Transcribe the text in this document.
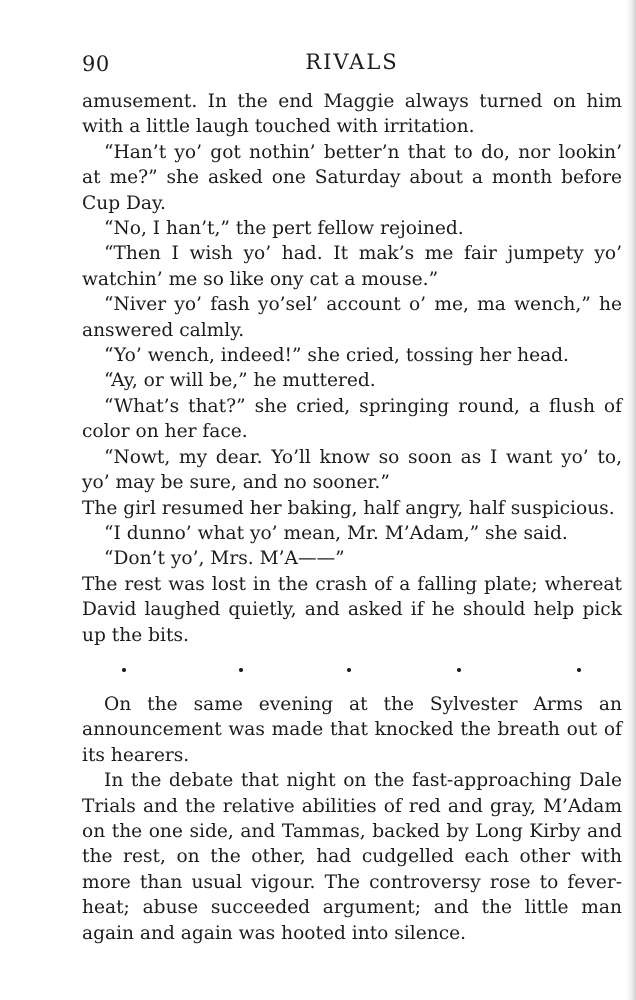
90	RIVALS

amusement. In the end Maggie always turned on him with a little laugh touched with irritation.

“Han’t yo’ got nothin’ better’n that to do, nor lookin’ at me?” she asked one Saturday about a month before Cup Day.

“No, I han’t,” the pert fellow rejoined.

“Then I wish yo’ had. It mak’s me fair jumpety yo’ watchin’ me so like ony cat a mouse.”

“Niver yo’ fash yo’sel’ account o’ me, ma wench,” he answered calmly.

“Yo’ wench, indeed!” she cried, tossing her head.

“Ay, or will be,” he muttered.

“What’s that?” she cried, springing round, a flush of color on her face.

“Nowt, my dear. Yo’ll know so soon as I want yo’ to, yo’ may be sure, and no sooner.”

The girl resumed her baking, half angry, half suspicious.

“I dunno’ what yo’ mean, Mr. M’Adam,” she said.

“Don’t yo’, Mrs. M’A——”

The rest was lost in the crash of a falling plate; whereat David laughed quietly, and asked if he should help pick up the bits.

On the same evening at the Sylvester Arms an announcement was made that knocked the breath out of its hearers.

In the debate that night on the fast-approaching Dale Trials and the relative abilities of red and gray, M’Adam on the one side, and Tammas, backed by Long Kirby and the rest, on the other, had cudgelled each other with more than usual vigour. The controversy rose to fever-heat; abuse succeeded argument; and the little man again and again was hooted into silence.
